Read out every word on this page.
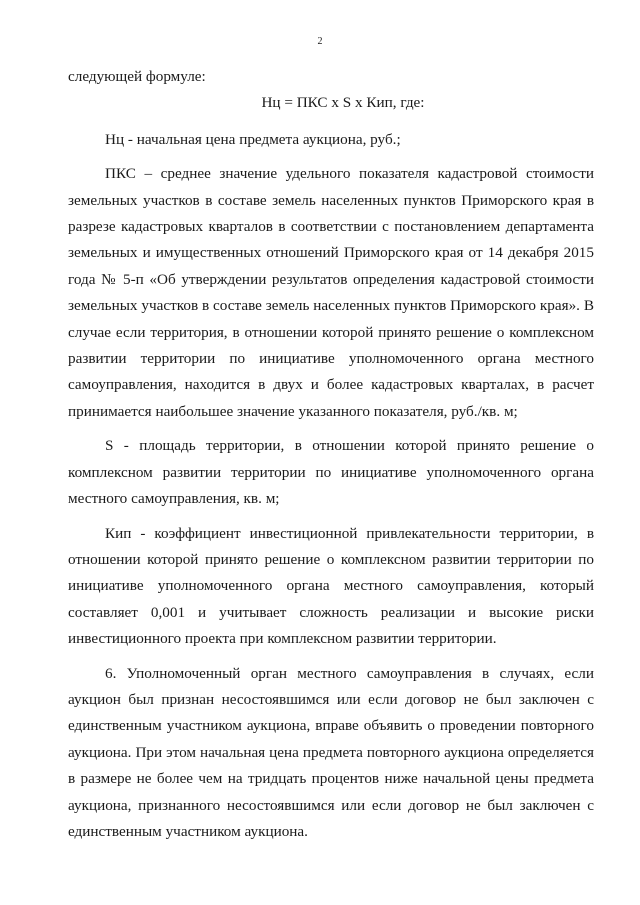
2

следующей формуле:

Нц = ПКС x S x Кип, где:

Нц - начальная цена предмета аукциона, руб.;

ПКС – среднее значение удельного показателя кадастровой стоимости земельных участков в составе земель населенных пунктов Приморского края в разрезе кадастровых кварталов в соответствии с постановлением департамента земельных и имущественных отношений Приморского края от 14 декабря 2015 года № 5-п «Об утверждении результатов определения кадастровой стоимости земельных участков в составе земель населенных пунктов Приморского края». В случае если территория, в отношении которой принято решение о комплексном развитии территории по инициативе уполномоченного органа местного самоуправления, находится в двух и более кадастровых кварталах, в расчет принимается наибольшее значение указанного показателя, руб./кв. м;

S - площадь территории, в отношении которой принято решение о комплексном развитии территории по инициативе уполномоченного органа местного самоуправления, кв. м;

Кип - коэффициент инвестиционной привлекательности территории, в отношении которой принято решение о комплексном развитии территории по инициативе уполномоченного органа местного самоуправления, который составляет 0,001 и учитывает сложность реализации и высокие риски инвестиционного проекта при комплексном развитии территории.

6. Уполномоченный орган местного самоуправления в случаях, если аукцион был признан несостоявшимся или если договор не был заключен с единственным участником аукциона, вправе объявить о проведении повторного аукциона. При этом начальная цена предмета повторного аукциона определяется в размере не более чем на тридцать процентов ниже начальной цены предмета аукциона, признанного несостоявшимся или если договор не был заключен с единственным участником аукциона.
